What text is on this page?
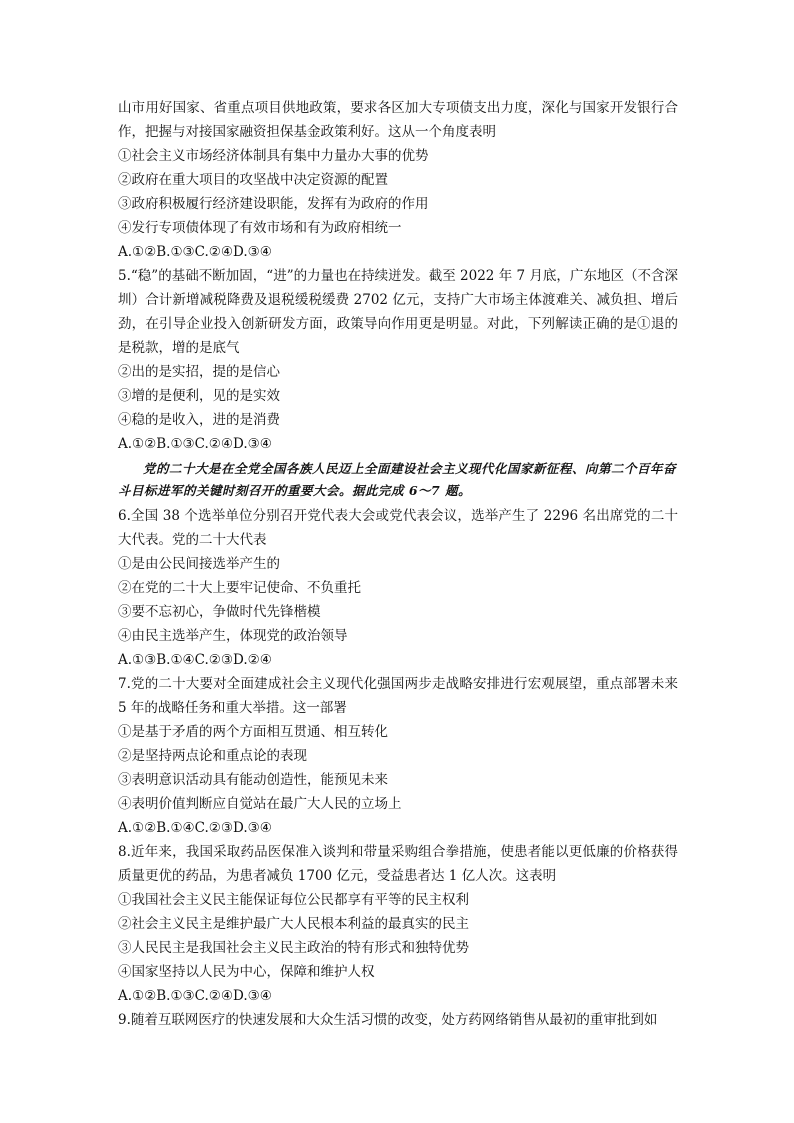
山市用好国家、省重点项目供地政策，要求各区加大专项债支出力度，深化与国家开发银行合作，把握与对接国家融资担保基金政策利好。这从一个角度表明
①社会主义市场经济体制具有集中力量办大事的优势
②政府在重大项目的攻坚战中决定资源的配置
③政府积极履行经济建设职能，发挥有为政府的作用
④发行专项债体现了有效市场和有为政府相统一
A.①②B.①③C.②④D.③④
5.“稳”的基础不断加固，“进”的力量也在持续迸发。截至 2022 年 7 月底，广东地区（不含深圳）合计新增减税降费及退税缓税缓费 2702 亿元，支持广大市场主体渡难关、减负担、增后劲，在引导企业投入创新研发方面，政策导向作用更是明显。对此，下列解读正确的是①退的是税款，增的是底气
②出的是实招，提的是信心
③增的是便利，见的是实效
④稳的是收入，进的是消费
A.①②B.①③C.②④D.③④
党的二十大是在全党全国各族人民迈上全面建设社会主义现代化国家新征程、向第二个百年奋斗目标进军的关键时刻召开的重要大会。据此完成 6～7 题。
6.全国 38 个选举单位分别召开党代表大会或党代表会议，选举产生了 2296 名出席党的二十大代表。党的二十大代表
①是由公民间接选举产生的
②在党的二十大上要牢记使命、不负重托
③要不忘初心，争做时代先锋楷模
④由民主选举产生，体现党的政治领导
A.①③B.①④C.②③D.②④
7.党的二十大要对全面建成社会主义现代化强国两步走战略安排进行宏观展望，重点部署未来 5 年的战略任务和重大举措。这一部署
①是基于矛盾的两个方面相互贯通、相互转化
②是坚持两点论和重点论的表现
③表明意识活动具有能动创造性，能预见未来
④表明价值判断应自觉站在最广大人民的立场上
A.①②B.①④C.②③D.③④
8.近年来，我国采取药品医保准入谈判和带量采购组合拳措施，使患者能以更低廉的价格获得质量更优的药品，为患者减负 1700 亿元，受益患者达 1 亿人次。这表明
①我国社会主义民主能保证每位公民都享有平等的民主权利
②社会主义民主是维护最广大人民根本利益的最真实的民主
③人民民主是我国社会主义民主政治的特有形式和独特优势
④国家坚持以人民为中心，保障和维护人权
A.①②B.①③C.②④D.③④
9.随着互联网医疗的快速发展和大众生活习惯的改变，处方药网络销售从最初的重审批到如
